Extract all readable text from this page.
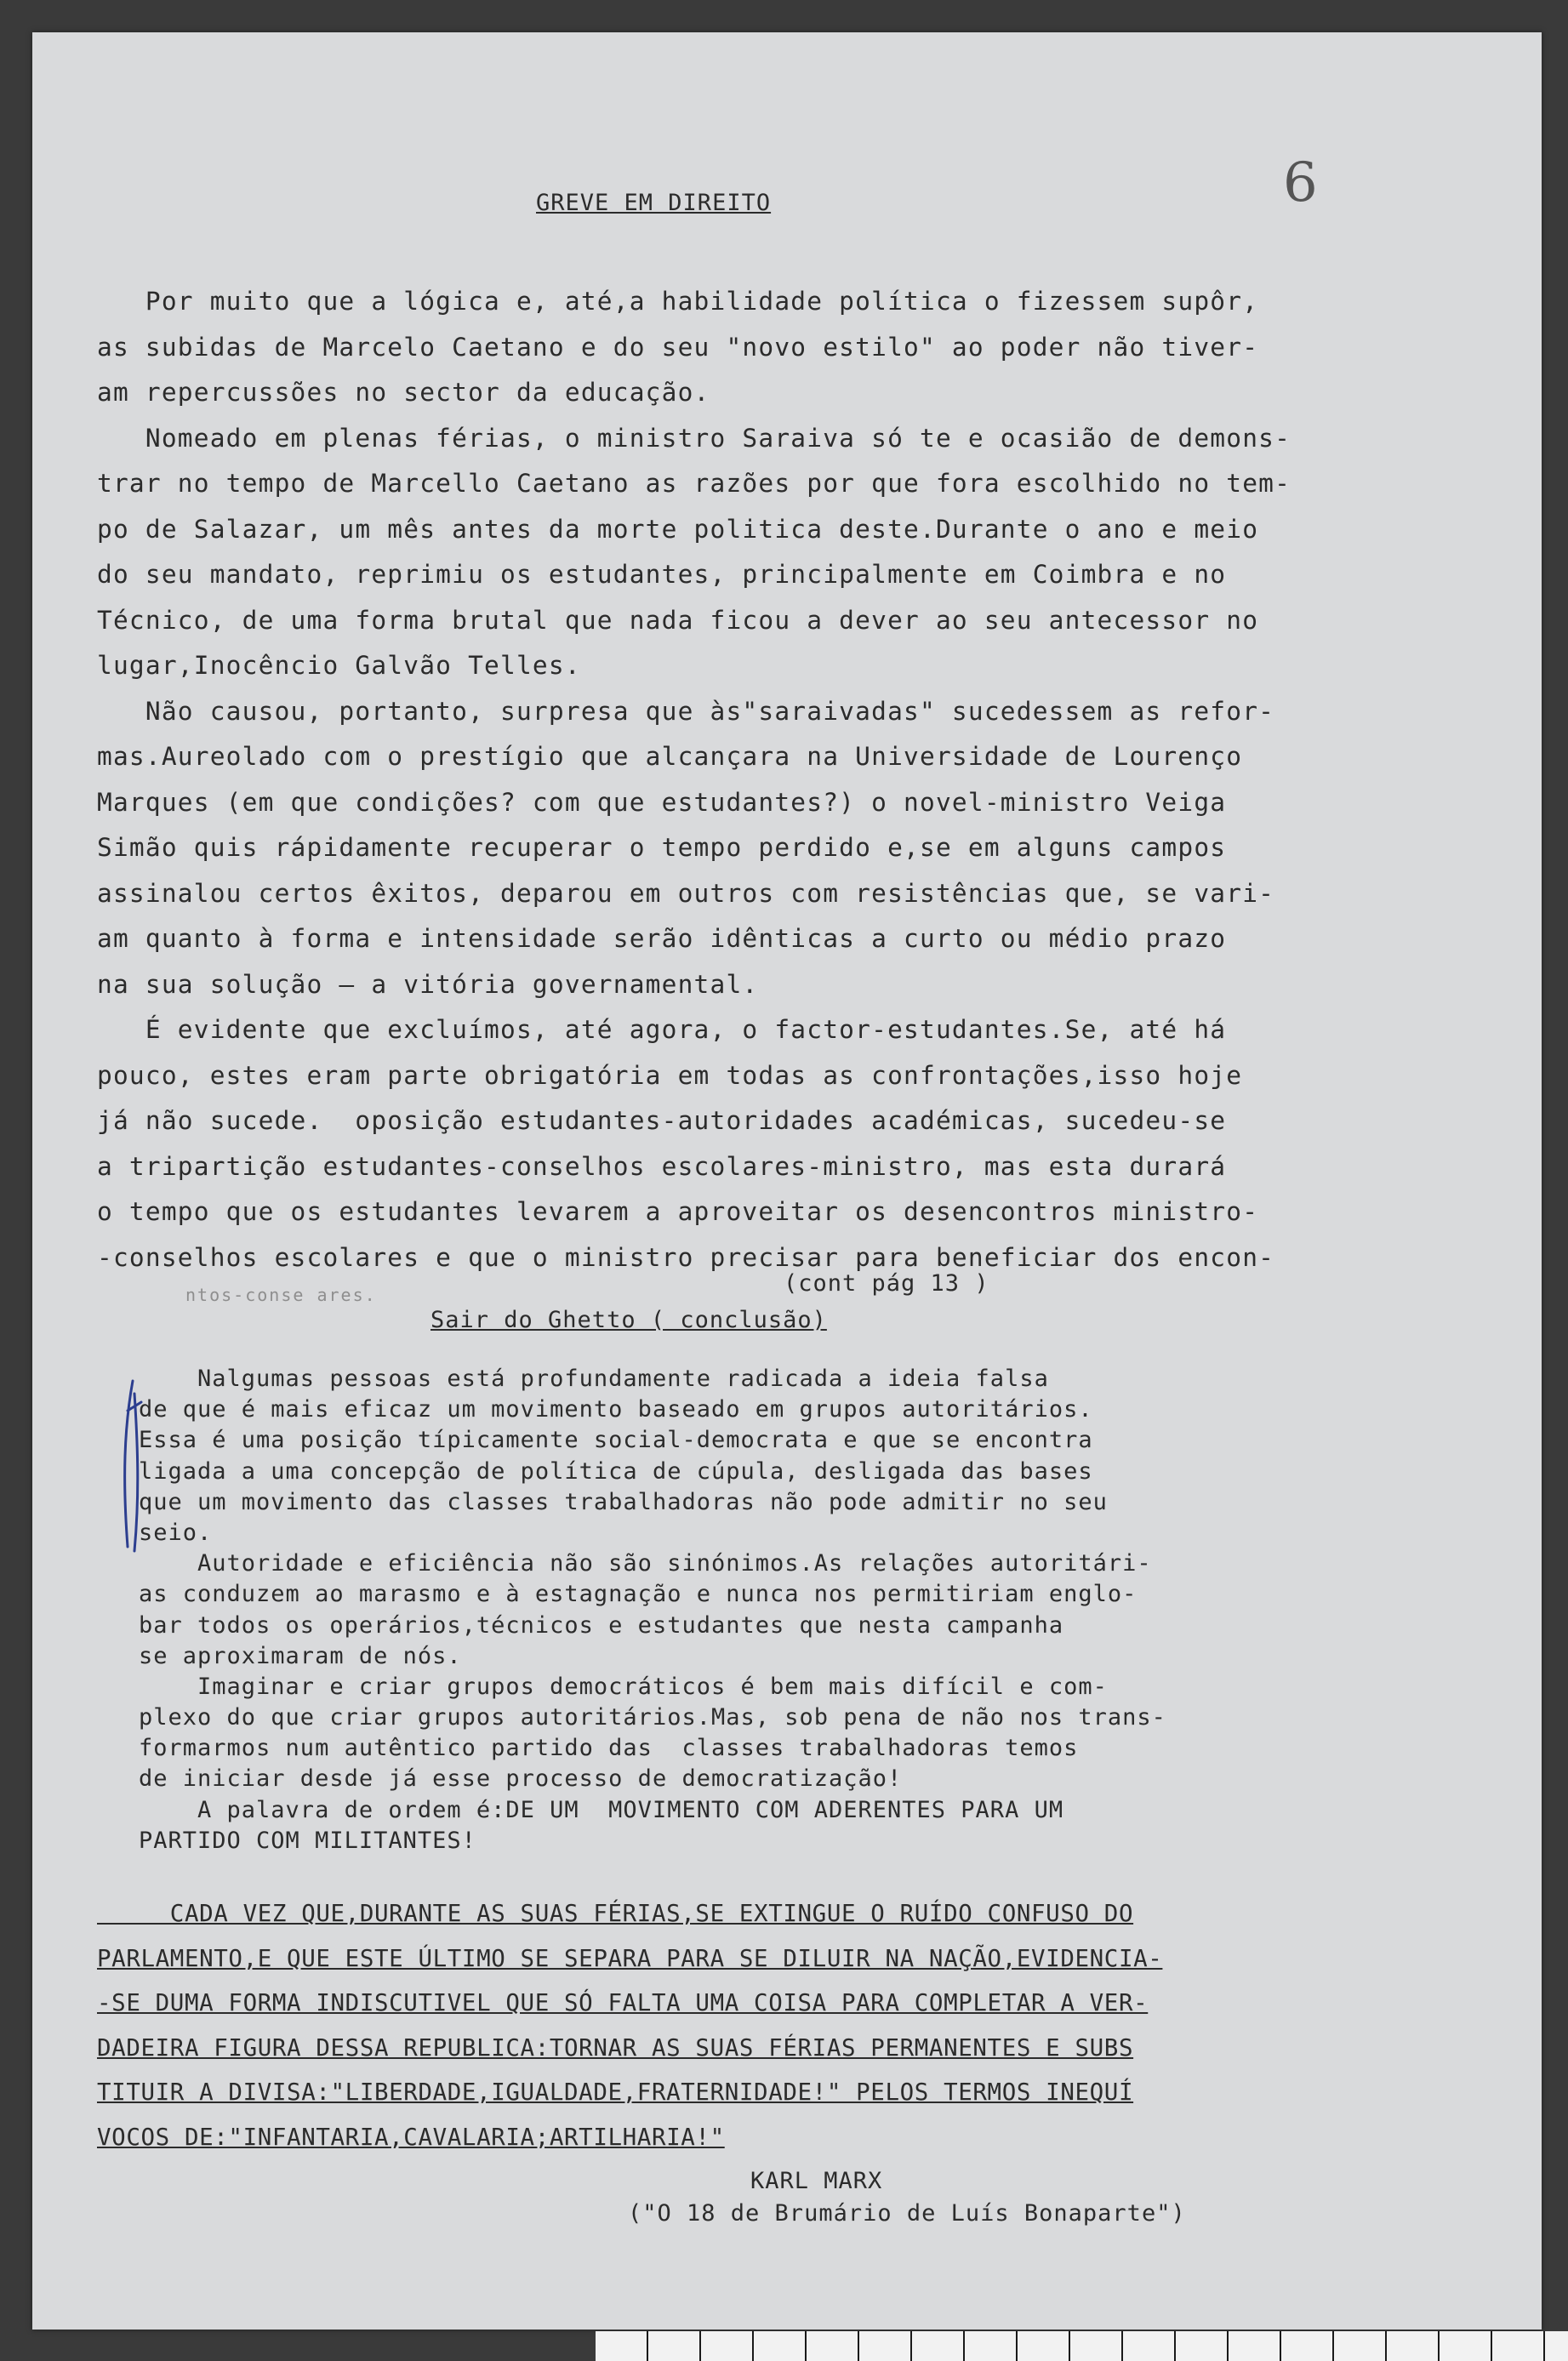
6
GREVE EM DIREITO
Por muito que a lógica e, até,a habilidade política o fizessem supôr,
as subidas de Marcelo Caetano e do seu "novo estilo" ao poder não tiver-
am repercussões no sector da educação.
Nomeado em plenas férias, o ministro Saraiva só te e ocasião de demons-
trar no tempo de Marcello Caetano as razões por que fora escolhido no tem-
po de Salazar, um mês antes da morte politica deste.Durante o ano e meio
do seu mandato, reprimiu os estudantes, principalmente em Coimbra e no
Técnico, de uma forma brutal que nada ficou a dever ao seu antecessor no
lugar,Inocêncio Galvão Telles.
Não causou, portanto, surpresa que às"saraivadas" sucedessem as refor-
mas.Aureolado com o prestígio que alcançara na Universidade de Lourenço
Marques (em que condições? com que estudantes?) o novel-ministro Veiga
Simão quis rápidamente recuperar o tempo perdido e,se em alguns campos
assinalou certos êxitos, deparou em outros com resistências que, se vari-
am quanto à forma e intensidade serão idênticas a curto ou médio prazo
na sua solução — a vitória governamental.
É evidente que excluímos, até agora, o factor-estudantes.Se, até há
pouco, estes eram parte obrigatória em todas as confrontações,isso hoje
já não sucede.  oposição estudantes-autoridades académicas, sucedeu-se
a tripartição estudantes-conselhos escolares-ministro, mas esta durará
o tempo que os estudantes levarem a aproveitar os desencontros ministro-
-conselhos escolares e que o ministro precisar para beneficiar dos encon-
ntos-conse ares.	(cont pág 13 )
Sair do Ghetto ( conclusão)
Nalgumas pessoas está profundamente radicada a ideia falsa
de que é mais eficaz um movimento baseado em grupos autoritários.
Essa é uma posição típicamente social-democrata e que se encontra
ligada a uma concepção de política de cúpula, desligada das bases
que um movimento das classes trabalhadoras não pode admitir no seu
seio.
Autoridade e eficiência não são sinónimos.As relações autoritári-
as conduzem ao marasmo e à estagnação e nunca nos permitiriam englo-
bar todos os operários,técnicos e estudantes que nesta campanha
se aproximaram de nós.
Imaginar e criar grupos democráticos é bem mais difícil e com-
plexo do que criar grupos autoritários.Mas, sob pena de não nos trans-
formarmos num autêntico partido das  classes trabalhadoras temos
de iniciar desde já esse processo de democratização!
A palavra de ordem é:DE UM  MOVIMENTO COM ADERENTES PARA UM
PARTIDO COM MILITANTES!
CADA VEZ QUE,DURANTE AS SUAS FÉRIAS,SE EXTINGUE O RUÍDO CONFUSO DO
PARLAMENTO,E QUE ESTE ÚLTIMO SE SEPARA PARA SE DILUIR NA NAÇÃO,EVIDENCIA-
-SE DUMA FORMA INDISCUTIVEL QUE SÓ FALTA UMA COISA PARA COMPLETAR A VER-
DADEIRA FIGURA DESSA REPUBLICA:TORNAR AS SUAS FÉRIAS PERMANENTES E SUBS
TITUIR A DIVISA:"LIBERDADE,IGUALDADE,FRATERNIDADE!" PELOS TERMOS INEQUÍ
VOCOS DE:"INFANTARIA,CAVALARIA;ARTILHARIA!"
KARL MARX
("O 18 de Brumário de Luís Bonaparte")
